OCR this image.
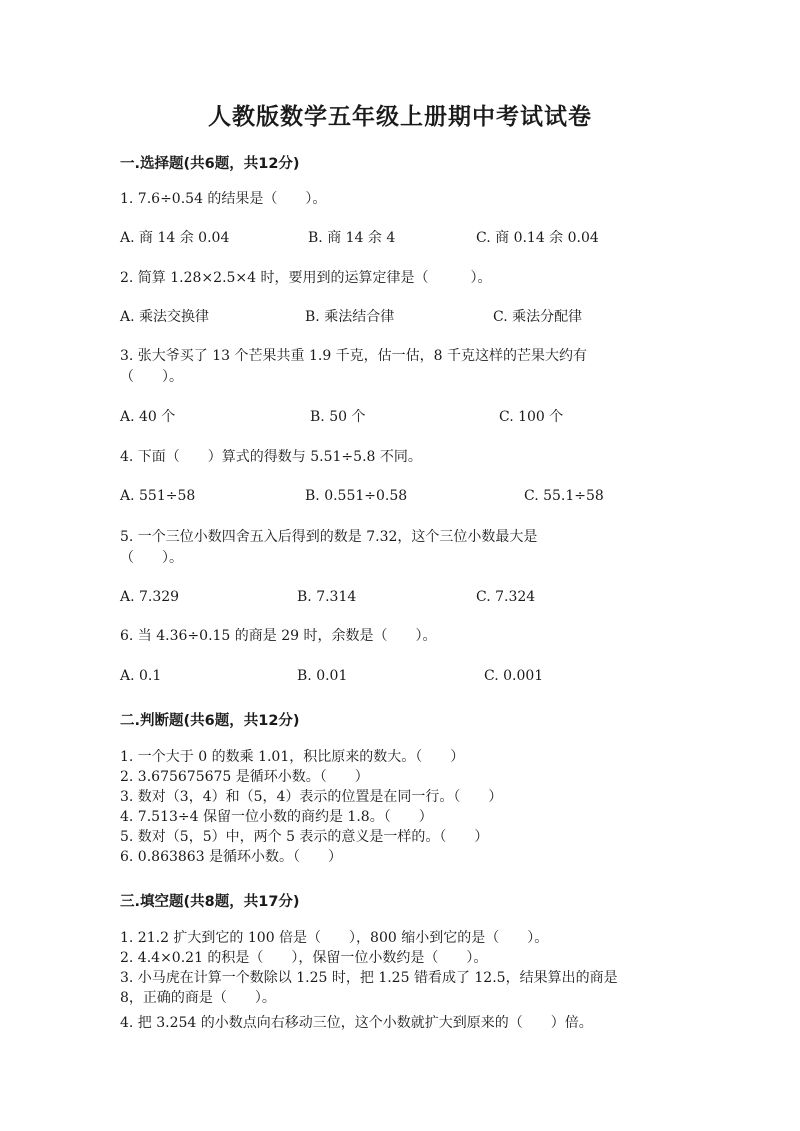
人教版数学五年级上册期中考试试卷
一.选择题(共6题，共12分)
1. 7.6÷0.54 的结果是（　　）。
A. 商 14 余 0.04	B. 商 14 余 4	C. 商 0.14 余 0.04
2. 简算 1.28×2.5×4 时，要用到的运算定律是（　　　）。
A. 乘法交换律	B. 乘法结合律	C. 乘法分配律
3. 张大爷买了 13 个芒果共重 1.9 千克，估一估，8 千克这样的芒果大约有
（　　）。
A. 40 个	B. 50 个	C. 100 个
4. 下面（　　）算式的得数与 5.51÷5.8 不同。
A. 551÷58	B. 0.551÷0.58	C. 55.1÷58
5. 一个三位小数四舍五入后得到的数是 7.32，这个三位小数最大是
（　　）。
A. 7.329	B. 7.314	C. 7.324
6. 当 4.36÷0.15 的商是 29 时，余数是（　　）。
A. 0.1	B. 0.01	C. 0.001
二.判断题(共6题，共12分)
1. 一个大于 0 的数乘 1.01，积比原来的数大。（　　）
2. 3.675675675 是循环小数。（　　）
3. 数对（3，4）和（5，4）表示的位置是在同一行。（　　）
4. 7.513÷4 保留一位小数的商约是 1.8。（　　）
5. 数对（5，5）中，两个 5 表示的意义是一样的。（　　）
6. 0.863863 是循环小数。（　　）
三.填空题(共8题，共17分)
1. 21.2 扩大到它的 100 倍是（　　），800 缩小到它的是（　　）。
2. 4.4×0.21 的积是（　　），保留一位小数约是（　　）。
3. 小马虎在计算一个数除以 1.25 时，把 1.25 错看成了 12.5，结果算出的商是
8，正确的商是（　　）。
4. 把 3.254 的小数点向右移动三位，这个小数就扩大到原来的（　　）倍。
